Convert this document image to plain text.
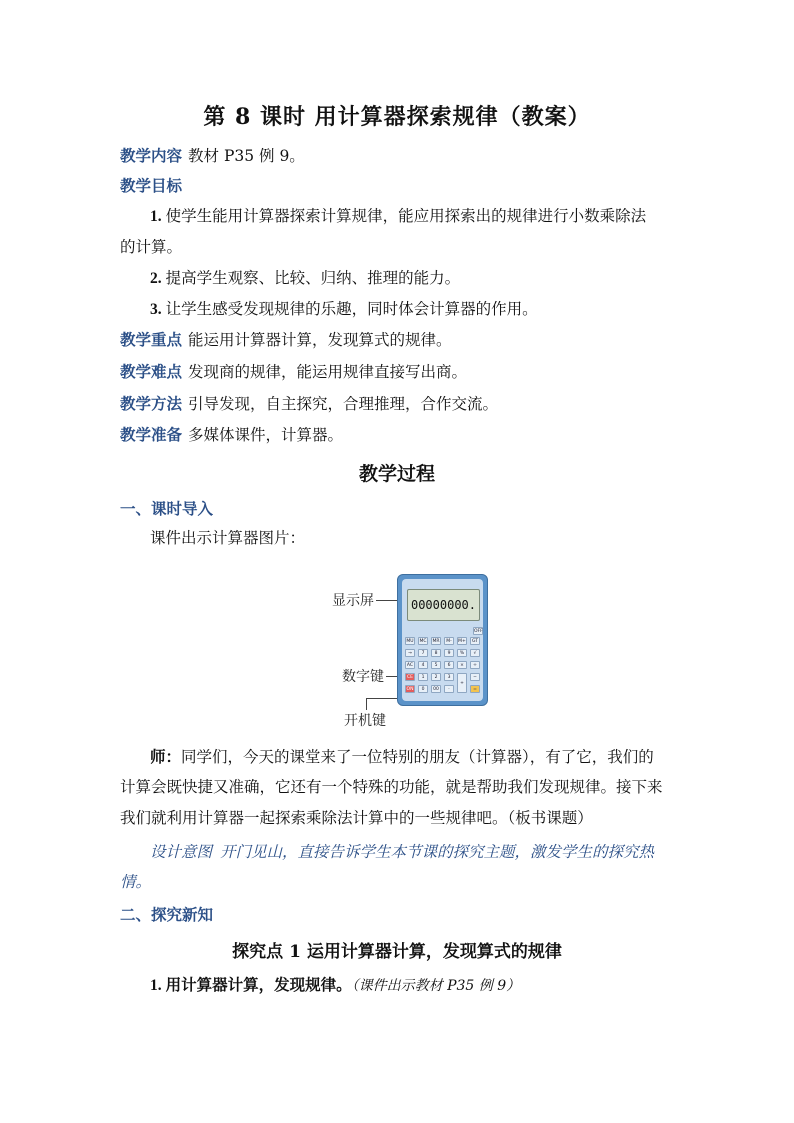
第 8 课时 用计算器探索规律（教案）
教学内容 教材 P35 例 9。
教学目标
1. 使学生能用计算器探索计算规律，能应用探索出的规律进行小数乘除法
的计算。
2. 提高学生观察、比较、归纳、推理的能力。
3. 让学生感受发现规律的乐趣，同时体会计算器的作用。
教学重点 能运用计算器计算，发现算式的规律。
教学难点 发现商的规律，能运用规律直接写出商。
教学方法 引导发现，自主探究，合理推理，合作交流。
教学准备 多媒体课件，计算器。
教学过程
一、课时导入
课件出示计算器图片：
显示屏
数字键
开机键
00000000.
OFF
MU	MC	MR	M-	M+	GT
→	7	8	9	%	√
AC	4	5	6	×	÷
CE	1	2	3
+
−
ON	0	00	·	=
师：同学们，今天的课堂来了一位特别的朋友（计算器），有了它，我们的
计算会既快捷又准确，它还有一个特殊的功能，就是帮助我们发现规律。接下来
我们就利用计算器一起探索乘除法计算中的一些规律吧。（板书课题）
设计意图 开门见山，直接告诉学生本节课的探究主题，激发学生的探究热
情。
二、探究新知
探究点 1 运用计算器计算，发现算式的规律
1. 用计算器计算，发现规律。（课件出示教材 P35 例 9）
